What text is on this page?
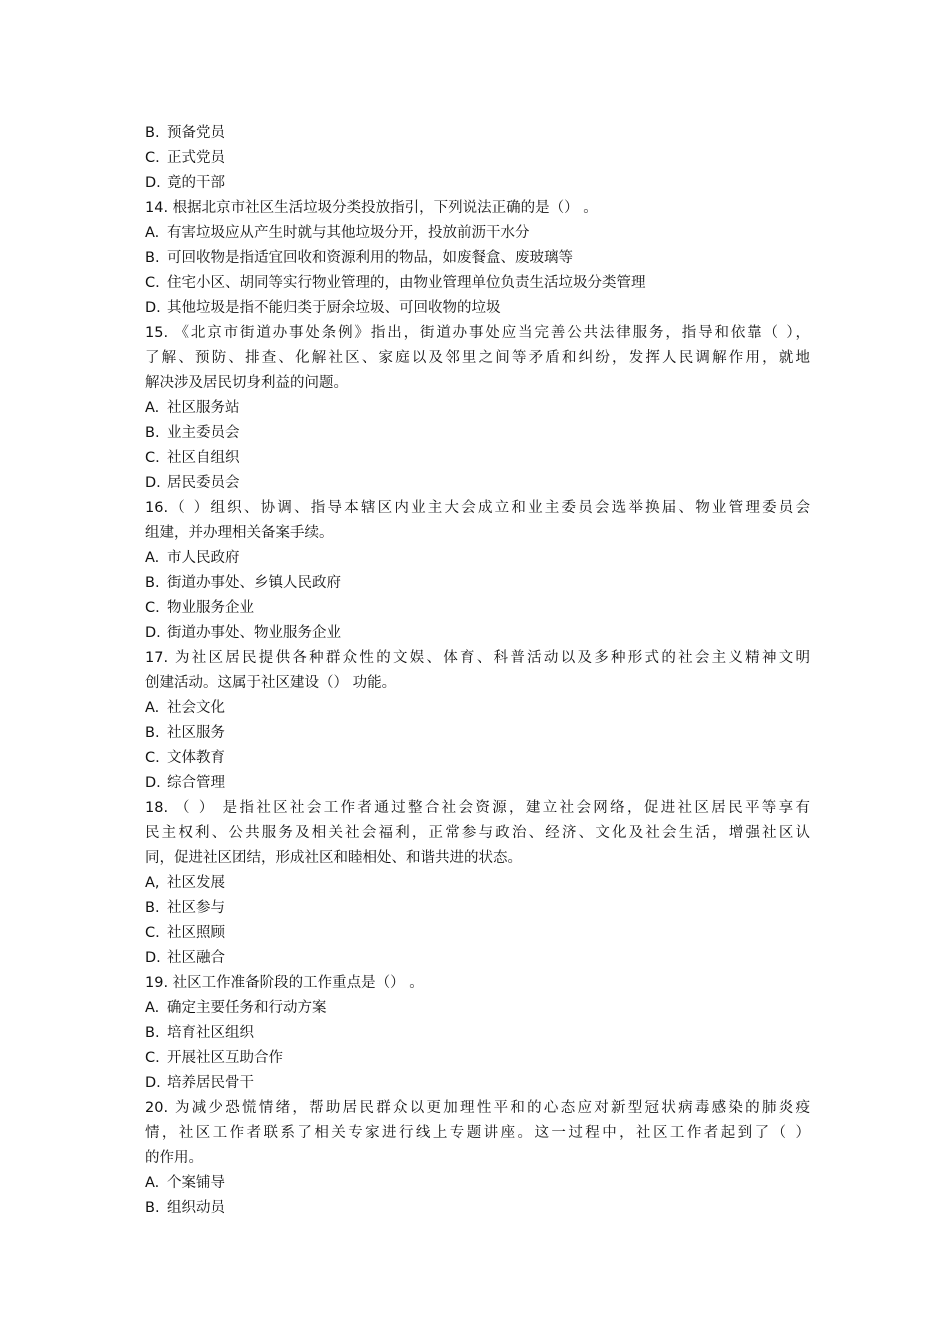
B. 预备党员
C. 正式党员
D. 竟的干部
14. 根据北京市社区生活垃圾分类投放指引，下列说法正确的是（） 。
A. 有害垃圾应从产生时就与其他垃圾分开，投放前沥干水分
B. 可回收物是指适宜回收和资源利用的物品，如废餐盒、废玻璃等
C. 住宅小区、胡同等实行物业管理的，由物业管理单位负责生活垃圾分类管理
D. 其他垃圾是指不能归类于厨余垃圾、可回收物的垃圾
15. 《北京市街道办事处条例》指出，街道办事处应当完善公共法律服务，指导和依靠（ ），
了解、预防、排查、化解社区、家庭以及邻里之间等矛盾和纠纷，发挥人民调解作用，就地
解决涉及居民切身利益的问题。
A. 社区服务站
B. 业主委员会
C. 社区自组织
D. 居民委员会
16.（ ）组织、协调、指导本辖区内业主大会成立和业主委员会选举换届、物业管理委员会
组建，并办理相关备案手续。
A. 市人民政府
B. 街道办事处、乡镇人民政府
C. 物业服务企业
D. 街道办事处、物业服务企业
17. 为社区居民提供各种群众性的文娱、体育、科普活动以及多种形式的社会主义精神文明
创建活动。这属于社区建设（） 功能。
A. 社会文化
B. 社区服务
C. 文体教育
D. 综合管理
18. （ ） 是指社区社会工作者通过整合社会资源，建立社会网络，促进社区居民平等享有
民主权利、公共服务及相关社会福利，正常参与政治、经济、文化及社会生活，增强社区认
同，促进社区团结，形成社区和睦相处、和谐共进的状态。
A, 社区发展
B. 社区参与
C. 社区照顾
D. 社区融合
19. 社区工作准备阶段的工作重点是（） 。
A. 确定主要任务和行动方案
B. 培育社区组织
C. 开展社区互助合作
D. 培养居民骨干
20. 为减少恐慌情绪，帮助居民群众以更加理性平和的心态应对新型冠状病毒感染的肺炎疫
情，社区工作者联系了相关专家进行线上专题讲座。这一过程中，社区工作者起到了（ ）
的作用。
A. 个案铺导
B. 组织动员
